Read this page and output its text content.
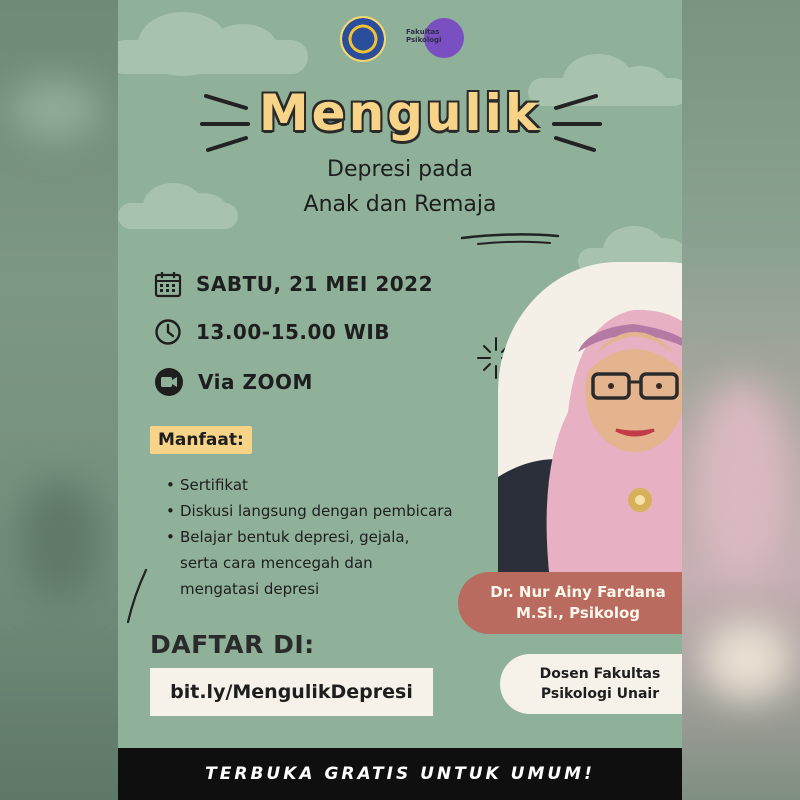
Fakultas Psikologi
Mengulik
Depresi pada
Anak dan Remaja
SABTU, 21 MEI 2022
13.00-15.00 WIB
Via ZOOM
Manfaat:
• Sertifikat
• Diskusi langsung dengan pembicara
• Belajar bentuk depresi, gejala,
serta cara mencegah dan
mengatasi depresi
DAFTAR DI:
bit.ly/MengulikDepresi
Dr. Nur Ainy Fardana
M.Si., Psikolog
Dosen Fakultas
Psikologi Unair
TERBUKA GRATIS UNTUK UMUM!
